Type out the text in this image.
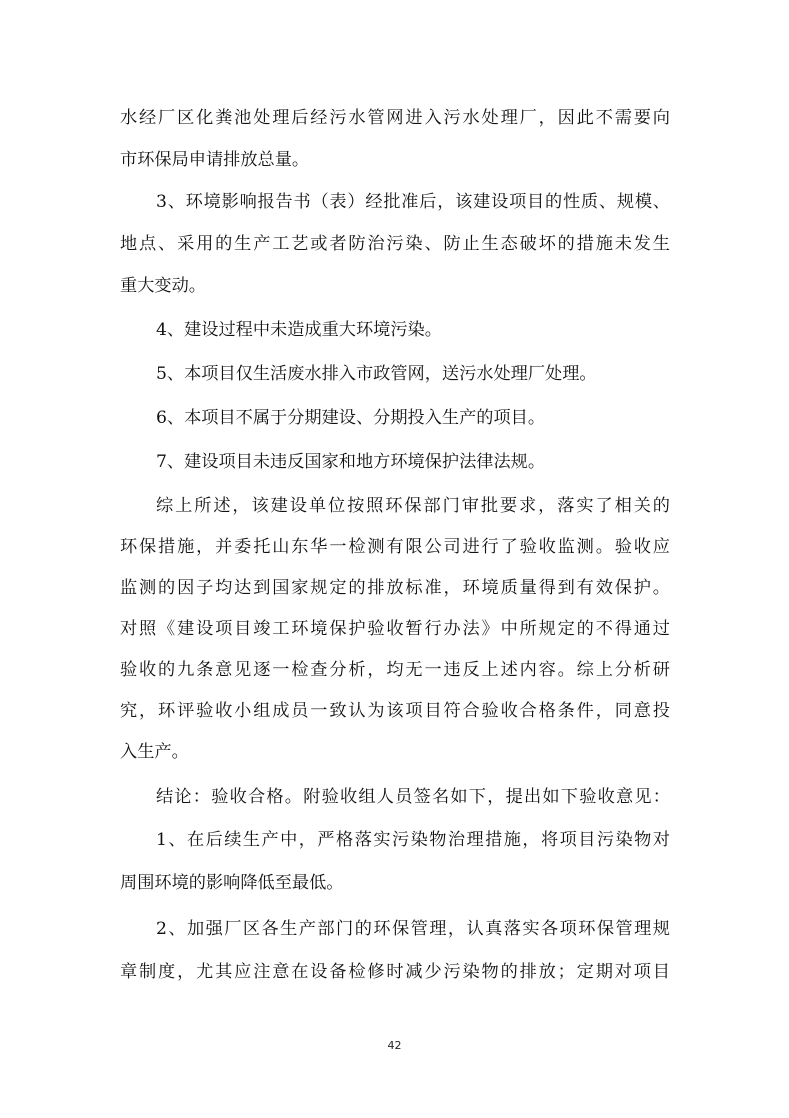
水经厂区化粪池处理后经污水管网进入污水处理厂，因此不需要向
市环保局申请排放总量。
3、环境影响报告书（表）经批准后，该建设项目的性质、规模、
地点、采用的生产工艺或者防治污染、防止生态破坏的措施未发生
重大变动。
4、建设过程中未造成重大环境污染。
5、本项目仅生活废水排入市政管网，送污水处理厂处理。
6、本项目不属于分期建设、分期投入生产的项目。
7、建设项目未违反国家和地方环境保护法律法规。
综上所述，该建设单位按照环保部门审批要求，落实了相关的
环保措施，并委托山东华一检测有限公司进行了验收监测。验收应
监测的因子均达到国家规定的排放标准，环境质量得到有效保护。
对照《建设项目竣工环境保护验收暂行办法》中所规定的不得通过
验收的九条意见逐一检查分析，均无一违反上述内容。综上分析研
究，环评验收小组成员一致认为该项目符合验收合格条件，同意投
入生产。
结论：验收合格。附验收组人员签名如下，提出如下验收意见：
1、在后续生产中，严格落实污染物治理措施，将项目污染物对
周围环境的影响降低至最低。
2、加强厂区各生产部门的环保管理，认真落实各项环保管理规
章制度，尤其应注意在设备检修时减少污染物的排放；定期对项目
42
